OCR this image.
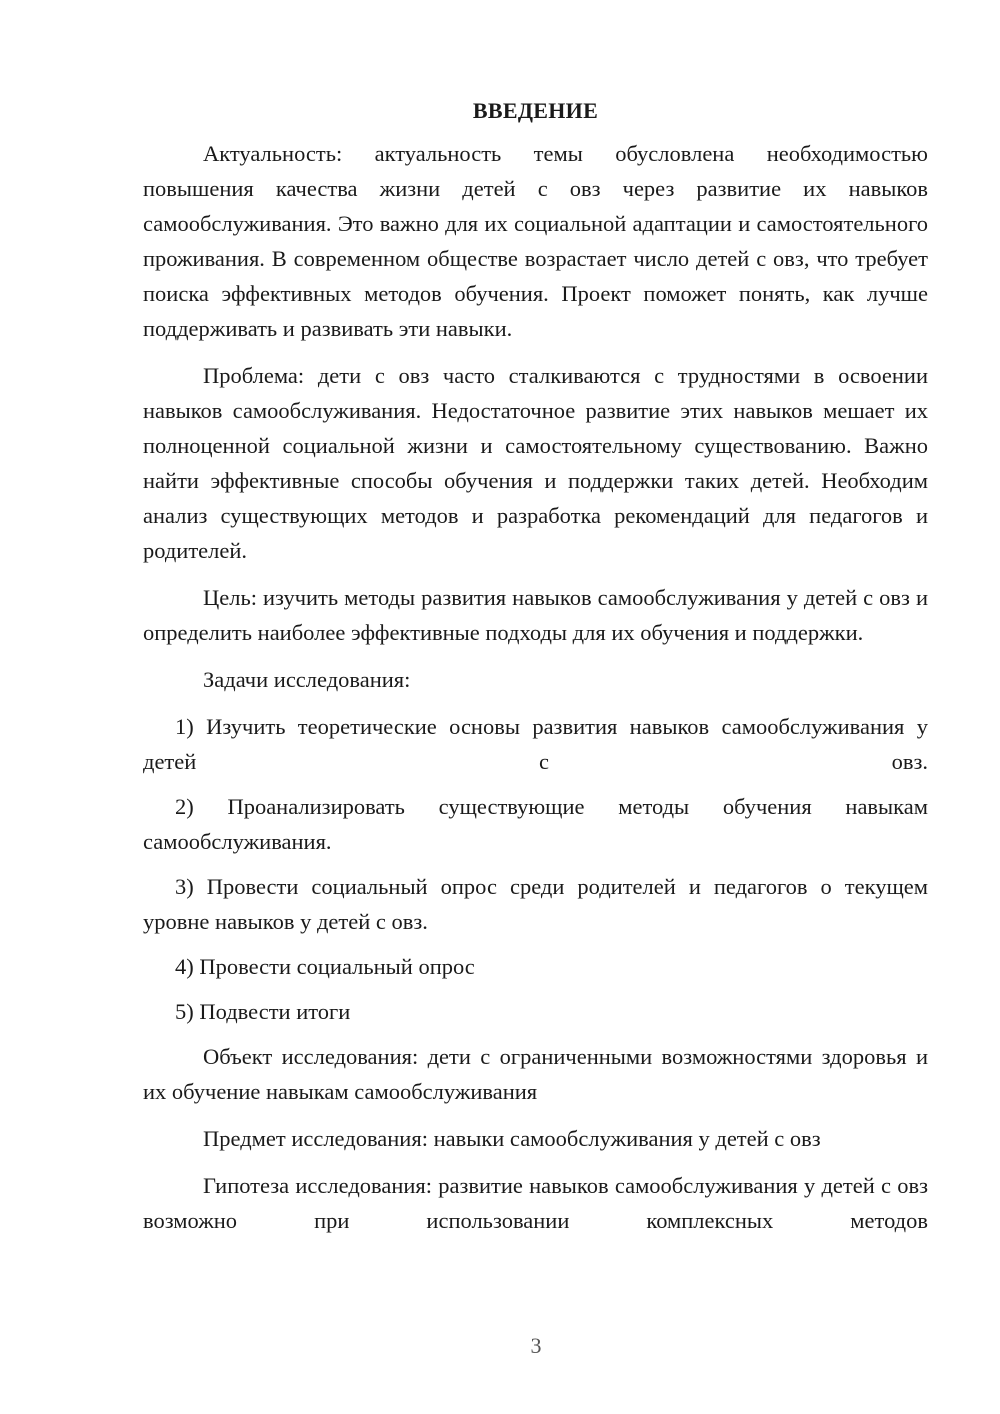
ВВЕДЕНИЕ

Актуальность: актуальность темы обусловлена необходимостью повышения качества жизни детей с овз через развитие их навыков самообслуживания. Это важно для их социальной адаптации и самостоятельного проживания. В современном обществе возрастает число детей с овз, что требует поиска эффективных методов обучения. Проект поможет понять, как лучше поддерживать и развивать эти навыки.

Проблема: дети с овз часто сталкиваются с трудностями в освоении навыков самообслуживания. Недостаточное развитие этих навыков мешает их полноценной социальной жизни и самостоятельному существованию. Важно найти эффективные способы обучения и поддержки таких детей. Необходим анализ существующих методов и разработка рекомендаций для педагогов и родителей.

Цель: изучить методы развития навыков самообслуживания у детей с овз и определить наиболее эффективные подходы для их обучения и поддержки.

Задачи исследования:

1) Изучить теоретические основы развития навыков самообслуживания у детей с овз.

2) Проанализировать существующие методы обучения навыкам самообслуживания.

3) Провести социальный опрос среди родителей и педагогов о текущем уровне навыков у детей с овз.

4) Провести социальный опрос

5) Подвести итоги

Объект исследования: дети с ограниченными возможностями здоровья и их обучение навыкам самообслуживания

Предмет исследования: навыки самообслуживания у детей с овз

Гипотеза исследования: развитие навыков самообслуживания у детей с овз возможно при использовании комплексных методов

3
